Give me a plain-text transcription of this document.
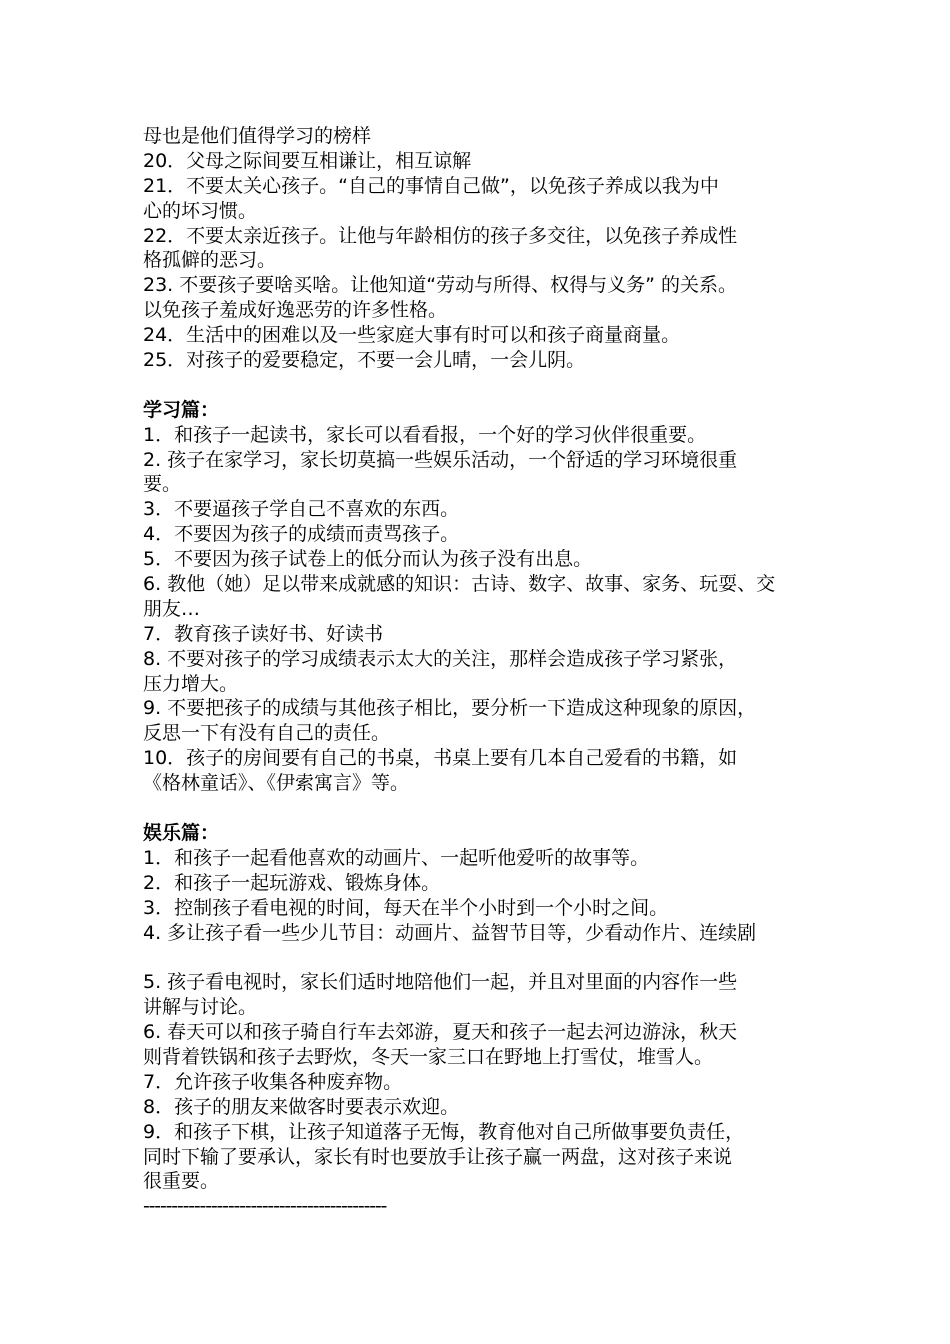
母也是他们值得学习的榜样
20．父母之际间要互相谦让，相互谅解
21．不要太关心孩子。“自己的事情自己做”，以免孩子养成以我为中
心的坏习惯。
22．不要太亲近孩子。让他与年龄相仿的孩子多交往，以免孩子养成性
格孤僻的恶习。
23. 不要孩子要啥买啥。让他知道“劳动与所得、权得与义务” 的关系。
以免孩子羞成好逸恶劳的许多性格。
24．生活中的困难以及一些家庭大事有时可以和孩子商量商量。
25．对孩子的爱要稳定，不要一会儿晴，一会儿阴。
学习篇：
1．和孩子一起读书，家长可以看看报，一个好的学习伙伴很重要。
2. 孩子在家学习，家长切莫搞一些娱乐活动，一个舒适的学习环境很重
要。
3．不要逼孩子学自己不喜欢的东西。
4．不要因为孩子的成绩而责骂孩子。
5．不要因为孩子试卷上的低分而认为孩子没有出息。
6. 教他（她）足以带来成就感的知识：古诗、数字、故事、家务、玩耍、交
朋友…
7．教育孩子读好书、好读书
8. 不要对孩子的学习成绩表示太大的关注，那样会造成孩子学习紧张，
压力增大。
9. 不要把孩子的成绩与其他孩子相比，要分析一下造成这种现象的原因，
反思一下有没有自己的责任。
10．孩子的房间要有自己的书桌，书桌上要有几本自己爱看的书籍，如
《格林童话》、《伊索寓言》等。
娱乐篇：
1．和孩子一起看他喜欢的动画片、一起听他爱听的故事等。
2．和孩子一起玩游戏、锻炼身体。
3．控制孩子看电视的时间，每天在半个小时到一个小时之间。
4. 多让孩子看一些少儿节目：动画片、益智节目等，少看动作片、连续剧
5. 孩子看电视时，家长们适时地陪他们一起，并且对里面的内容作一些
讲解与讨论。
6. 春天可以和孩子骑自行车去郊游，夏天和孩子一起去河边游泳，秋天
则背着铁锅和孩子去野炊，冬天一家三口在野地上打雪仗，堆雪人。
7．允许孩子收集各种废弃物。
8．孩子的朋友来做客时要表示欢迎。
9．和孩子下棋，让孩子知道落子无悔，教育他对自己所做事要负责任，
同时下输了要承认，家长有时也要放手让孩子赢一两盘，这对孩子来说
很重要。
-------------------------------------------
